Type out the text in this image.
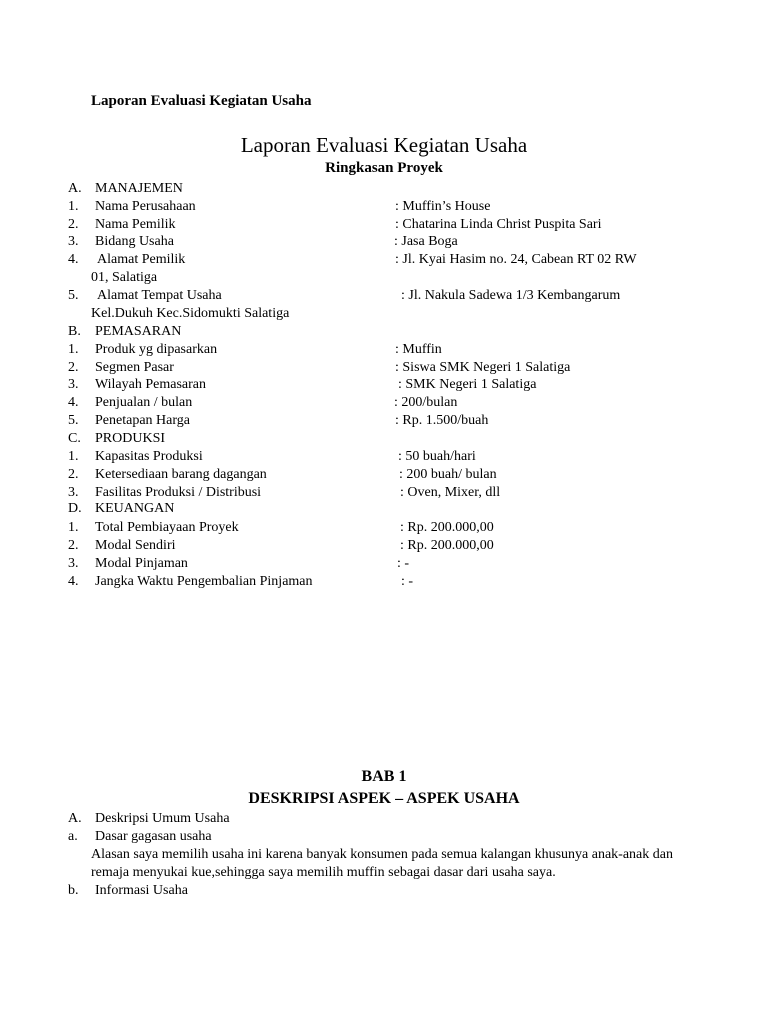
Laporan Evaluasi Kegiatan Usaha
Laporan Evaluasi Kegiatan Usaha
Ringkasan Proyek
A. MANAJEMEN
1. Nama Perusahaan	: Muffin’s House
2. Nama Pemilik	: Chatarina Linda Christ Puspita Sari
3. Bidang Usaha	: Jasa Boga
4. Alamat Pemilik	: Jl. Kyai Hasim no. 24, Cabean RT 02 RW
01, Salatiga
5. Alamat Tempat Usaha	: Jl. Nakula Sadewa 1/3 Kembangarum
Kel.Dukuh Kec.Sidomukti Salatiga
B. PEMASARAN
1. Produk yg dipasarkan	: Muffin
2. Segmen Pasar	: Siswa SMK Negeri 1 Salatiga
3. Wilayah Pemasaran	: SMK Negeri 1 Salatiga
4. Penjualan / bulan	: 200/bulan
5. Penetapan Harga	: Rp. 1.500/buah
C. PRODUKSI
1. Kapasitas Produksi	: 50 buah/hari
2. Ketersediaan barang dagangan	: 200 buah/ bulan
3. Fasilitas Produksi / Distribusi	: Oven, Mixer, dll
D. KEUANGAN
1. Total Pembiayaan Proyek	: Rp. 200.000,00
2. Modal Sendiri	: Rp. 200.000,00
3. Modal Pinjaman	: -
4. Jangka Waktu Pengembalian Pinjaman	: -
BAB 1
DESKRIPSI ASPEK – ASPEK USAHA
A. Deskripsi Umum Usaha
a. Dasar gagasan usaha
Alasan saya memilih usaha ini karena banyak konsumen pada semua kalangan khusunya anak-anak dan remaja menyukai kue,sehingga saya memilih muffin sebagai dasar dari usaha saya.
b. Informasi Usaha
